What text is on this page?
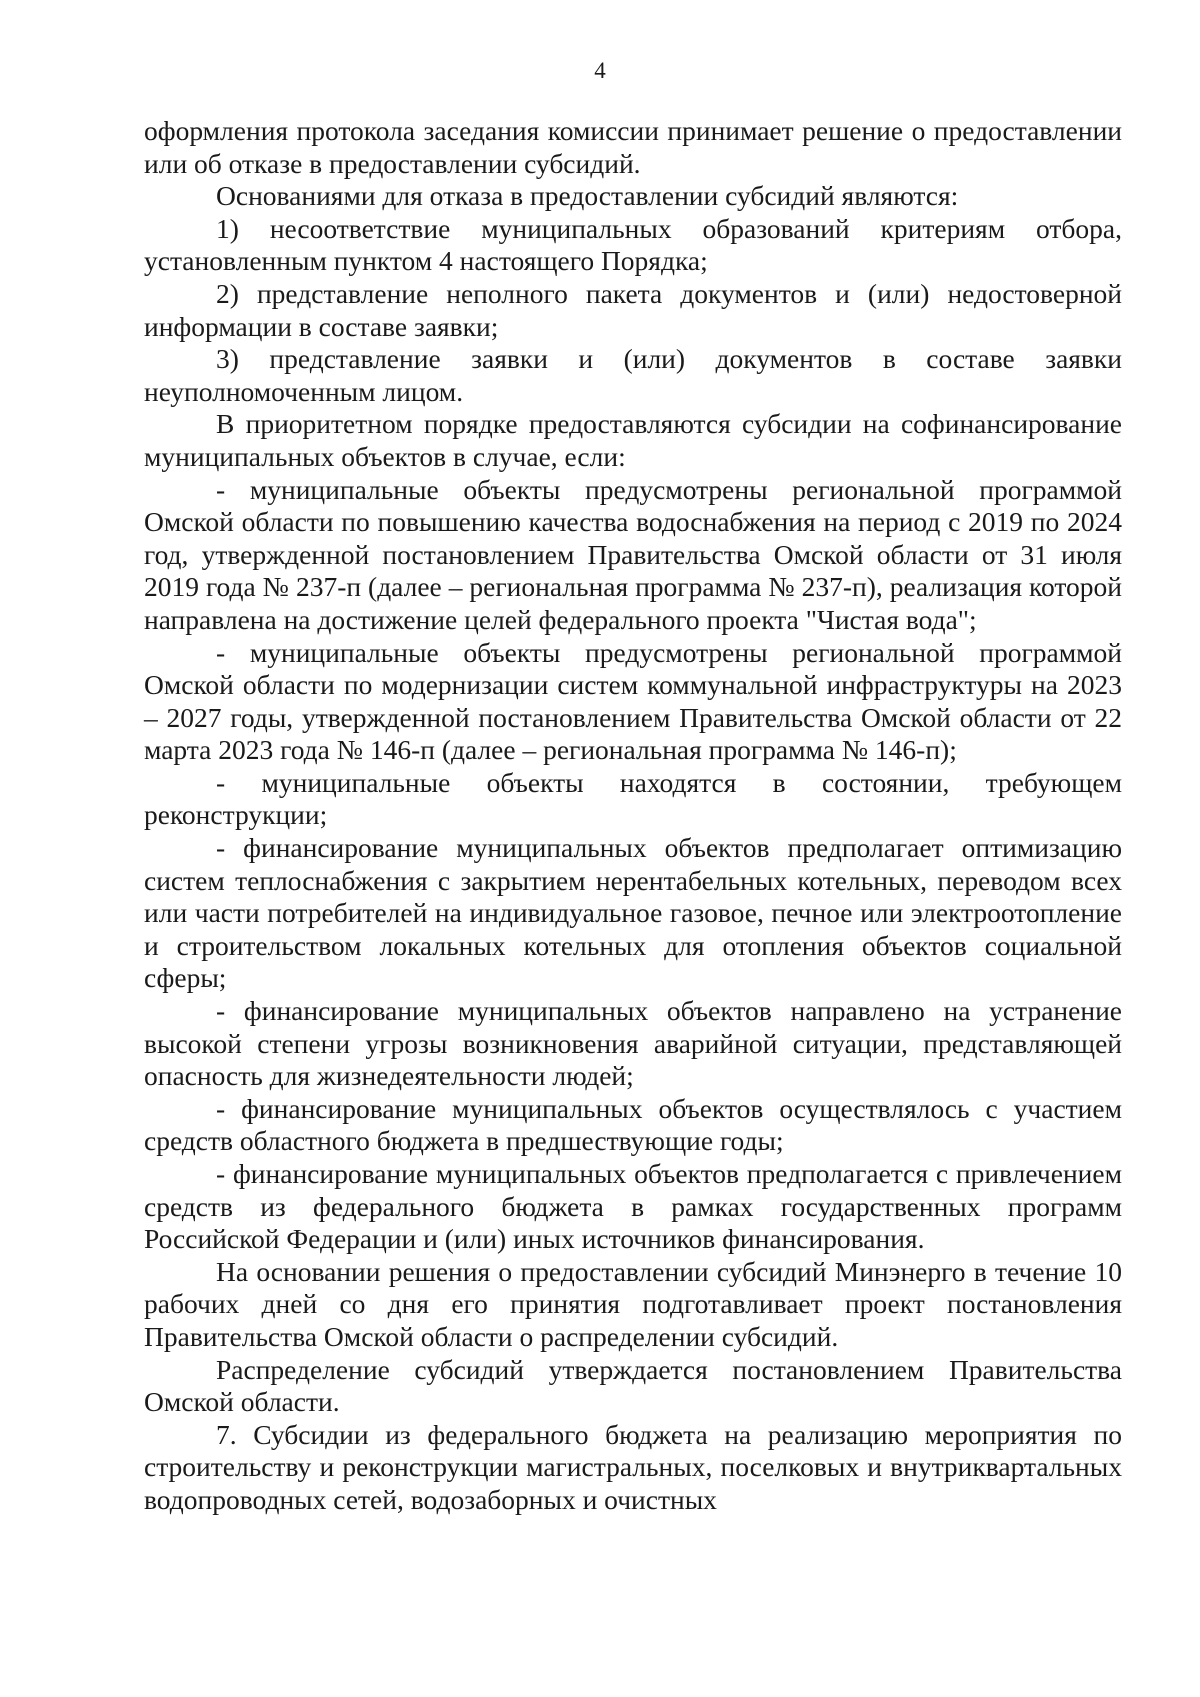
4

оформления протокола заседания комиссии принимает решение о предоставлении или об отказе в предоставлении субсидий.

Основаниями для отказа в предоставлении субсидий являются:

1) несоответствие муниципальных образований критериям отбора, установленным пунктом 4 настоящего Порядка;

2) представление неполного пакета документов и (или) недостоверной информации в составе заявки;

3) представление заявки и (или) документов в составе заявки неуполномоченным лицом.

В приоритетном порядке предоставляются субсидии на софинансирование муниципальных объектов в случае, если:

- муниципальные объекты предусмотрены региональной программой Омской области по повышению качества водоснабжения на период с 2019 по 2024 год, утвержденной постановлением Правительства Омской области от 31 июля 2019 года № 237-п (далее – региональная программа № 237-п), реализация которой направлена на достижение целей федерального проекта "Чистая вода";

- муниципальные объекты предусмотрены региональной программой Омской области по модернизации систем коммунальной инфраструктуры на 2023 – 2027 годы, утвержденной постановлением Правительства Омской области от 22 марта 2023 года № 146-п (далее – региональная программа № 146-п);

- муниципальные объекты находятся в состоянии, требующем реконструкции;

- финансирование муниципальных объектов предполагает оптимизацию систем теплоснабжения с закрытием нерентабельных котельных, переводом всех или части потребителей на индивидуальное газовое, печное или электроотопление и строительством локальных котельных для отопления объектов социальной сферы;

- финансирование муниципальных объектов направлено на устранение высокой степени угрозы возникновения аварийной ситуации, представляющей опасность для жизнедеятельности людей;

- финансирование муниципальных объектов осуществлялось с участием средств областного бюджета в предшествующие годы;

- финансирование муниципальных объектов предполагается с привлечением средств из федерального бюджета в рамках государственных программ Российской Федерации и (или) иных источников финансирования.

На основании решения о предоставлении субсидий Минэнерго в течение 10 рабочих дней со дня его принятия подготавливает проект постановления Правительства Омской области о распределении субсидий.

Распределение субсидий утверждается постановлением Правительства Омской области.

7. Субсидии из федерального бюджета на реализацию мероприятия по строительству и реконструкции магистральных, поселковых и внутриквартальных водопроводных сетей, водозаборных и очистных
